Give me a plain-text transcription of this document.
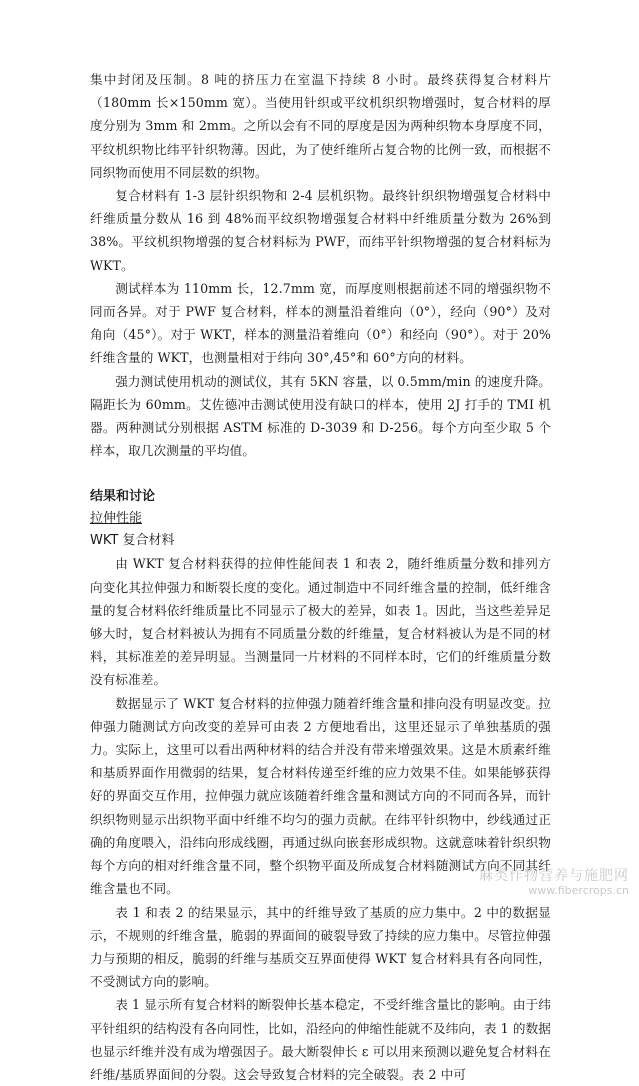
集中封闭及压制。8 吨的挤压力在室温下持续 8 小时。最终获得复合材料片（180mm 长×150mm 宽）。当使用针织或平纹机织织物增强时，复合材料的厚度分别为 3mm 和 2mm。之所以会有不同的厚度是因为两种织物本身厚度不同，平纹机织物比纬平针织物薄。因此，为了使纤维所占复合物的比例一致，而根据不同织物而使用不同层数的织物。

复合材料有 1-3 层针织织物和 2-4 层机织物。最终针织织物增强复合材料中纤维质量分数从 16 到 48%而平纹织物增强复合材料中纤维质量分数为 26%到 38%。平纹机织物增强的复合材料标为 PWF，而纬平针织物增强的复合材料标为 WKT。

测试样本为 110mm 长，12.7mm 宽，而厚度则根据前述不同的增强织物不同而各异。对于 PWF 复合材料，样本的测量沿着维向（0°），经向（90°）及对角向（45°）。对于 WKT，样本的测量沿着维向（0°）和经向（90°）。对于 20%纤维含量的 WKT，也测量相对于纬向 30°,45°和 60°方向的材料。

强力测试使用机动的测试仪，其有 5KN 容量，以 0.5mm/min 的速度升降。隔距长为 60mm。艾佐德冲击测试使用没有缺口的样本，使用 2J 打手的 TMI 机器。两种测试分别根据 ASTM 标准的 D-3039 和 D-256。每个方向至少取 5 个样本，取几次测量的平均值。

结果和讨论
拉伸性能
WKT 复合材料

由 WKT 复合材料获得的拉伸性能间表 1 和表 2，随纤维质量分数和排列方向变化其拉伸强力和断裂长度的变化。通过制造中不同纤维含量的控制，低纤维含量的复合材料依纤维质量比不同显示了极大的差异，如表 1。因此，当这些差异足够大时，复合材料被认为拥有不同质量分数的纤维量，复合材料被认为是不同的材料，其标准差的差异明显。当测量同一片材料的不同样本时，它们的纤维质量分数没有标准差。

数据显示了 WKT 复合材料的拉伸强力随着纤维含量和排向没有明显改变。拉伸强力随测试方向改变的差异可由表 2 方便地看出，这里还显示了单独基质的强力。实际上，这里可以看出两种材料的结合并没有带来增强效果。这是木质素纤维和基质界面作用微弱的结果，复合材料传递至纤维的应力效果不佳。如果能够获得好的界面交互作用，拉伸强力就应该随着纤维含量和测试方向的不同而各异，而针织织物则显示出织物平面中纤维不均匀的强力贡献。在纬平针织物中，纱线通过正确的角度喂入，沿纬向形成线圈，再通过纵向嵌套形成织物。这就意味着针织织物每个方向的相对纤维含量不同，整个织物平面及所成复合材料随测试方向不同其纤维含量也不同。

表 1 和表 2 的结果显示，其中的纤维导致了基质的应力集中。2 中的数据显示，不规则的纤维含量，脆弱的界面间的破裂导致了持续的应力集中。尽管拉伸强力与预期的相反，脆弱的纤维与基质交互界面使得 WKT 复合材料具有各向同性，不受测试方向的影响。

表 1 显示所有复合材料的断裂伸长基本稳定，不受纤维含量比的影响。由于纬平针组织的结构没有各向同性，比如，沿经向的伸缩性能就不及纬向，表 1 的数据也显示纤维并没有成为增强因子。最大断裂伸长 ε 可以用来预测以避免复合材料在纤维/基质界面间的分裂。这会导致复合材料的完全破裂。表 2 中可

麻类作物营养与施肥网
www.fibercrops.cn
